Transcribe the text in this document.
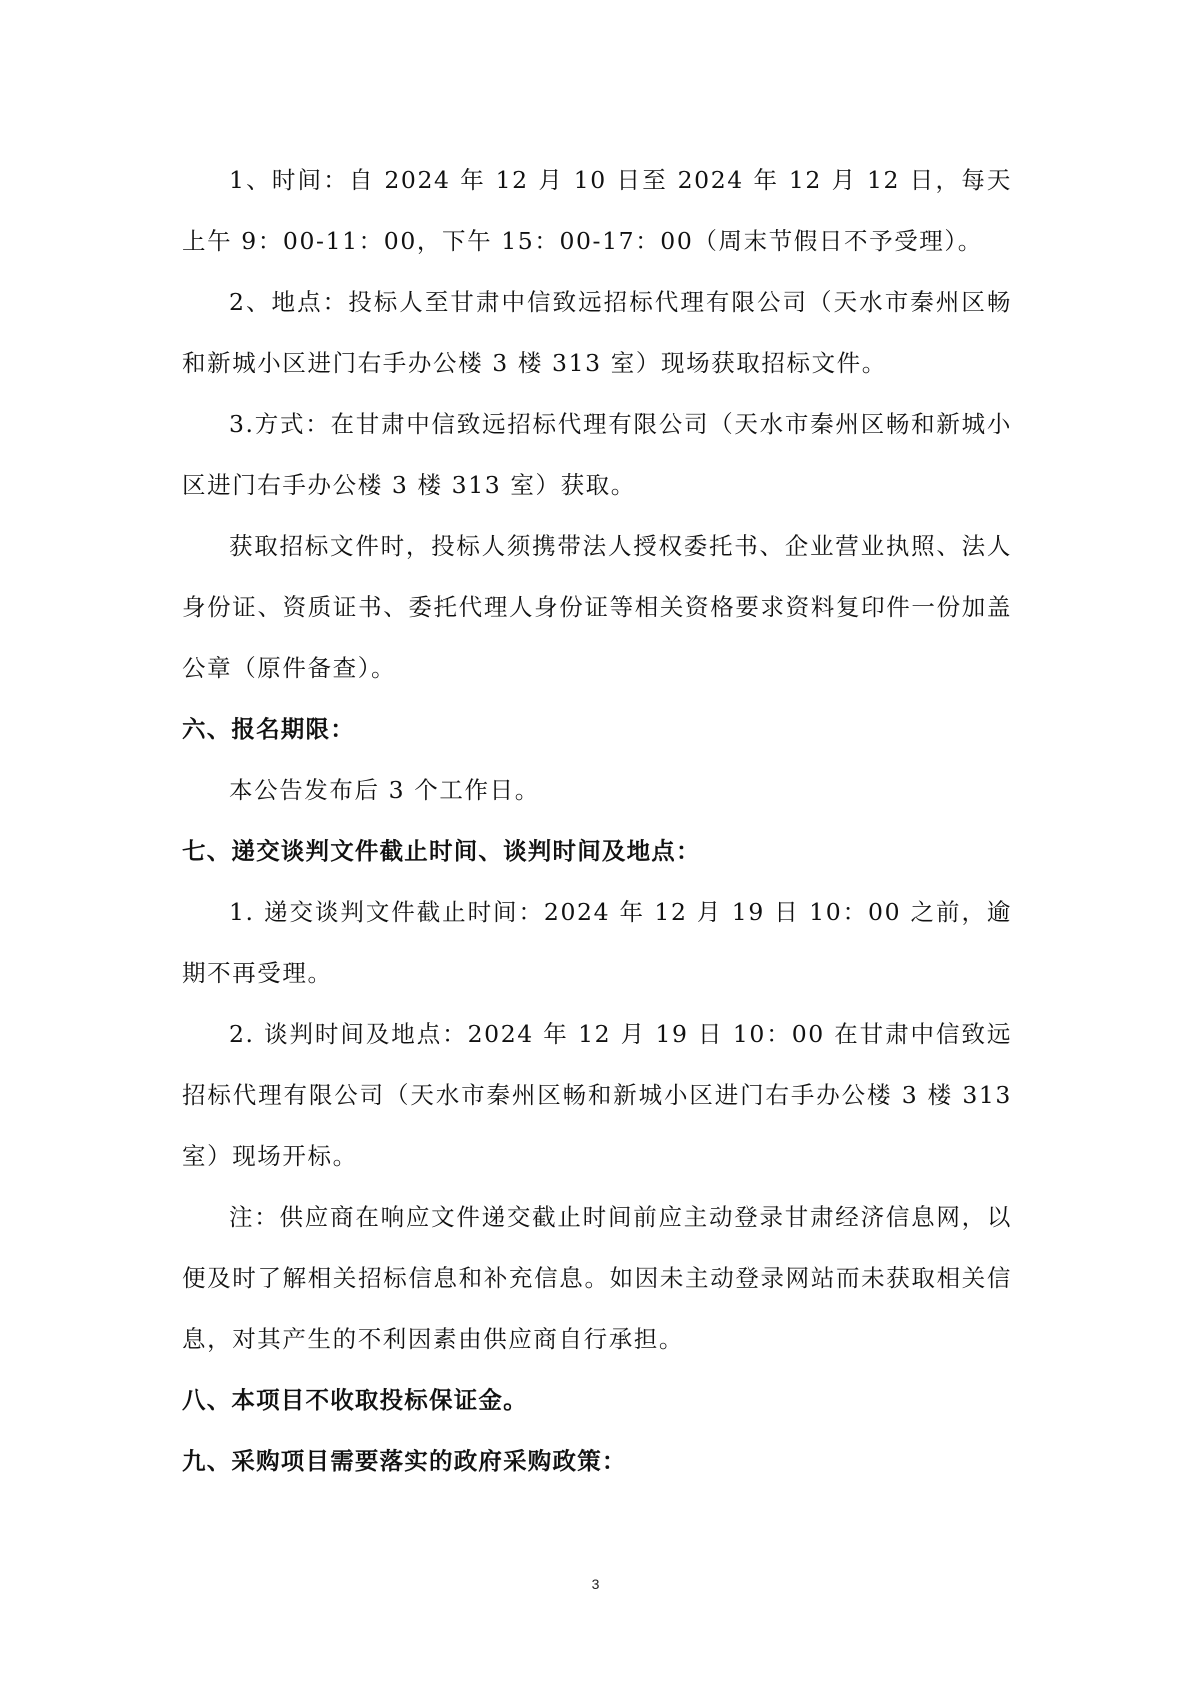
1、时间：自 2024 年 12 月 10 日至 2024 年 12 月 12 日，每天上午 9：00-11：00，下午 15：00-17：00（周末节假日不予受理）。

2、地点：投标人至甘肃中信致远招标代理有限公司（天水市秦州区畅和新城小区进门右手办公楼 3 楼 313 室）现场获取招标文件。

3.方式：在甘肃中信致远招标代理有限公司（天水市秦州区畅和新城小区进门右手办公楼 3 楼 313 室）获取。

获取招标文件时，投标人须携带法人授权委托书、企业营业执照、法人身份证、资质证书、委托代理人身份证等相关资格要求资料复印件一份加盖公章（原件备查）。

六、报名期限：

本公告发布后 3 个工作日。

七、递交谈判文件截止时间、谈判时间及地点：

1. 递交谈判文件截止时间：2024 年 12 月 19 日 10：00 之前，逾期不再受理。

2. 谈判时间及地点：2024 年 12 月 19 日 10：00 在甘肃中信致远招标代理有限公司（天水市秦州区畅和新城小区进门右手办公楼 3 楼 313 室）现场开标。

注：供应商在响应文件递交截止时间前应主动登录甘肃经济信息网，以便及时了解相关招标信息和补充信息。如因未主动登录网站而未获取相关信息，对其产生的不利因素由供应商自行承担。

八、本项目不收取投标保证金。

九、采购项目需要落实的政府采购政策：

3
